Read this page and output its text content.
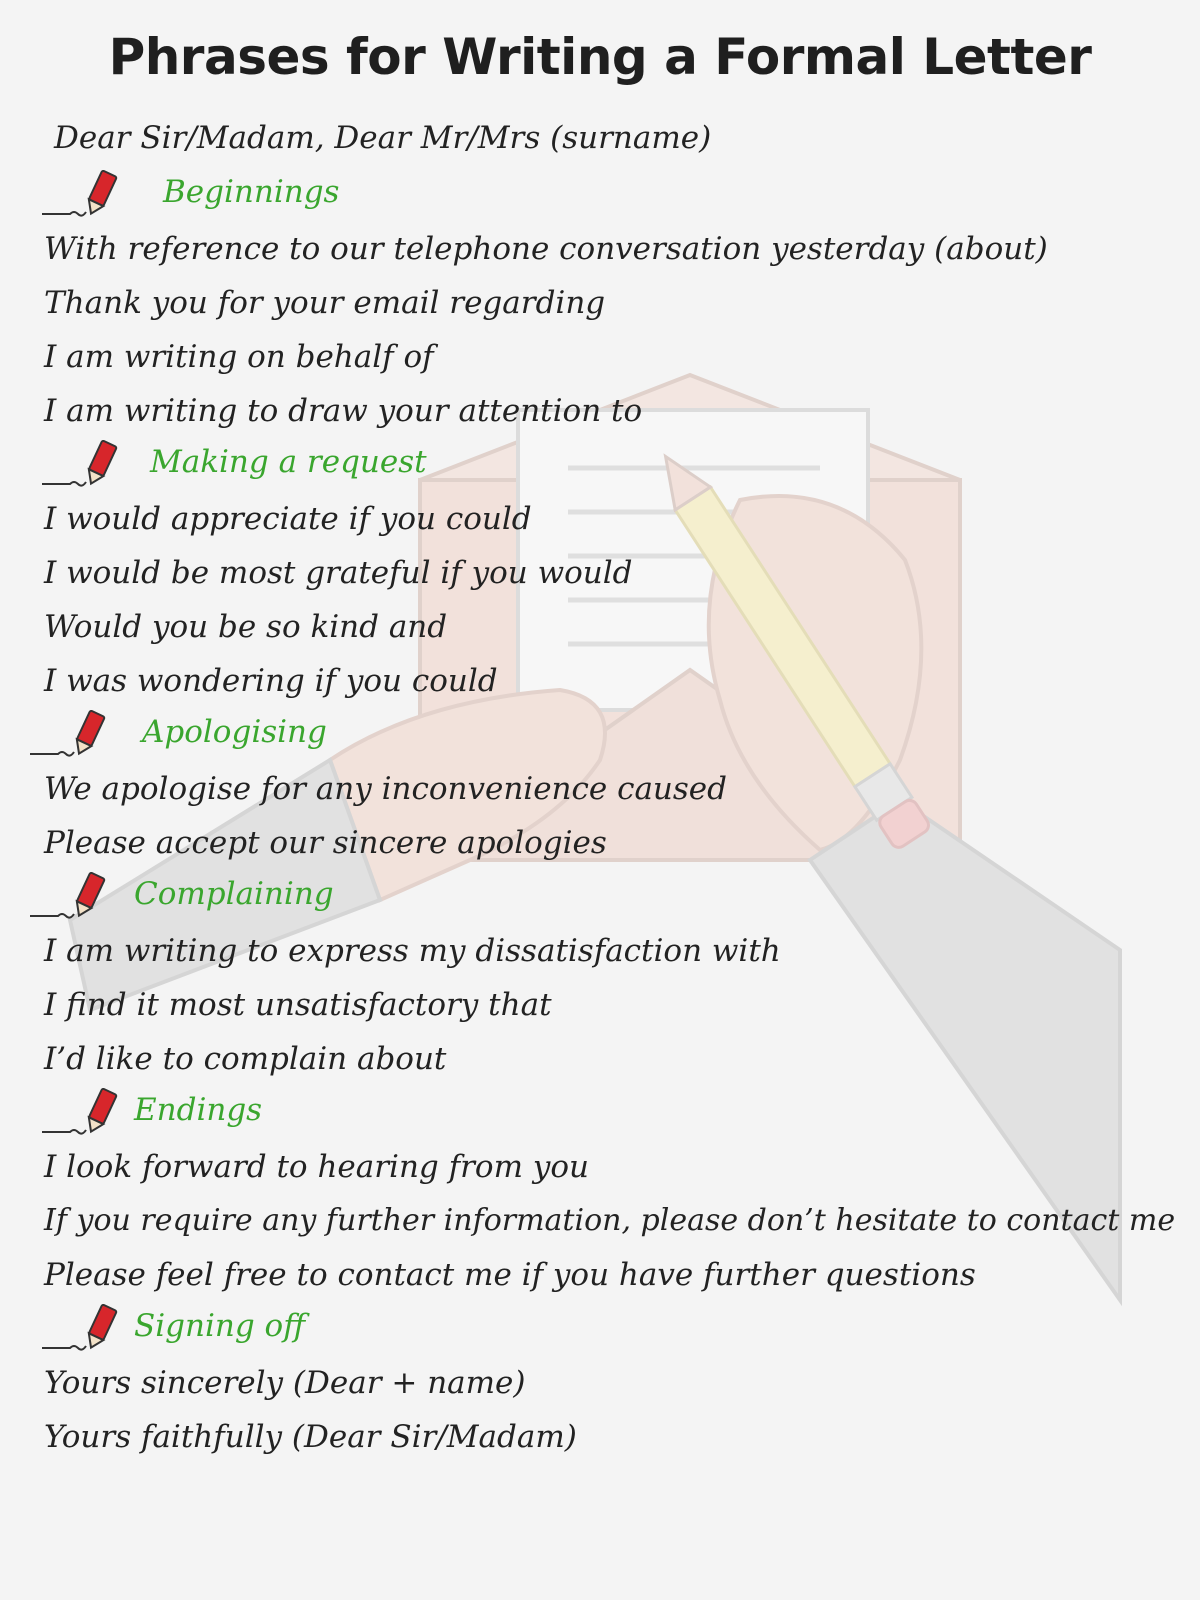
Phrases for Writing a Formal Letter
Dear Sir/Madam, Dear Mr/Mrs (surname)
Beginnings
With reference to our telephone conversation yesterday (about)
Thank you for your email regarding
I am writing on behalf of
I am writing to draw your attention to
Making a request
I would appreciate if you could
I would be most grateful if you would
Would you be so kind and
I was wondering if you could
Apologising
We apologise for any inconvenience caused
Please accept our sincere apologies
Complaining
I am writing to express my dissatisfaction with
I find it most unsatisfactory that
I’d like to complain about
Endings
I look forward to hearing from you
If you require any further information, please don’t hesitate to contact me
Please feel free to contact me if you have further questions
Signing off
Yours sincerely (Dear + name)
Yours faithfully (Dear Sir/Madam)
